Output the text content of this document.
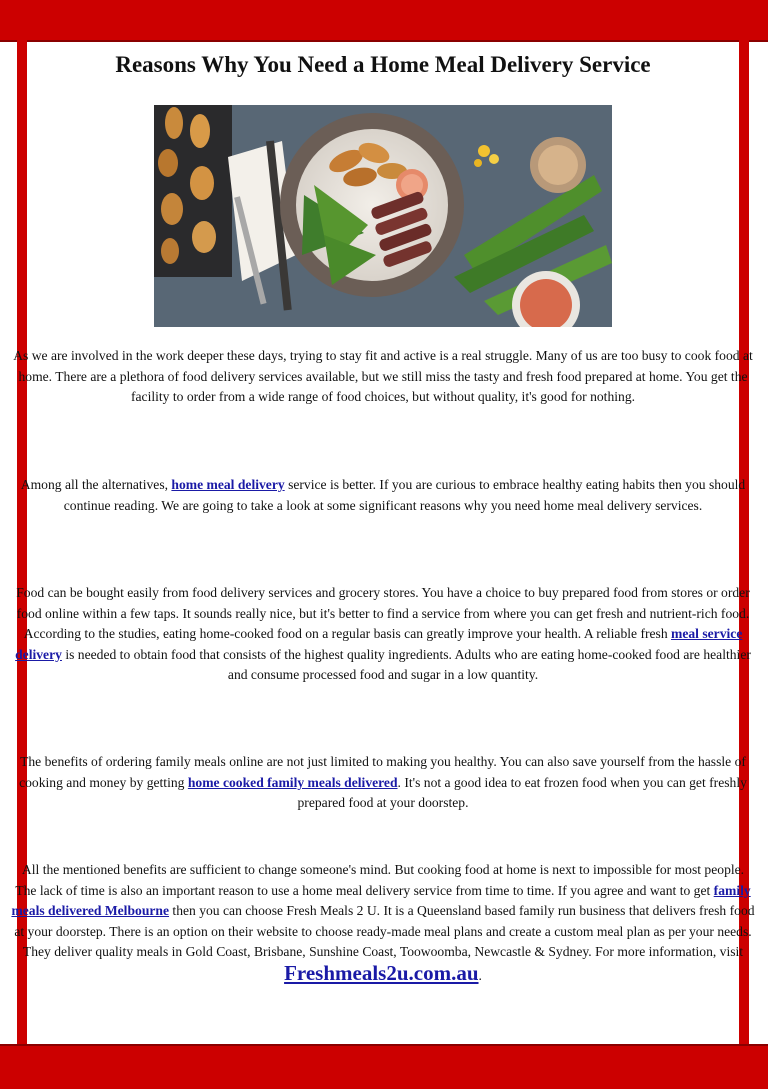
Reasons Why You Need a Home Meal Delivery Service

As we are involved in the work deeper these days, trying to stay fit and active is a real struggle. Many of us are too busy to cook food at home. There are a plethora of food delivery services available, but we still miss the tasty and fresh food prepared at home. You get the facility to order from a wide range of food choices, but without quality, it's good for nothing.

Among all the alternatives, home meal delivery service is better. If you are curious to embrace healthy eating habits then you should continue reading. We are going to take a look at some significant reasons why you need home meal delivery services.

Food can be bought easily from food delivery services and grocery stores. You have a choice to buy prepared food from stores or order food online within a few taps. It sounds really nice, but it's better to find a service from where you can get fresh and nutrient-rich food. According to the studies, eating home-cooked food on a regular basis can greatly improve your health. A reliable fresh meal service delivery is needed to obtain food that consists of the highest quality ingredients. Adults who are eating home-cooked food are healthier and consume processed food and sugar in a low quantity.

The benefits of ordering family meals online are not just limited to making you healthy. You can also save yourself from the hassle of cooking and money by getting home cooked family meals delivered. It's not a good idea to eat frozen food when you can get freshly prepared food at your doorstep.

All the mentioned benefits are sufficient to change someone's mind. But cooking food at home is next to impossible for most people. The lack of time is also an important reason to use a home meal delivery service from time to time. If you agree and want to get family meals delivered Melbourne then you can choose Fresh Meals 2 U. It is a Queensland based family run business that delivers fresh food at your doorstep. There is an option on their website to choose ready-made meal plans and create a custom meal plan as per your needs. They deliver quality meals in Gold Coast, Brisbane, Sunshine Coast, Toowoomba, Newcastle & Sydney. For more information, visit Freshmeals2u.com.au.
